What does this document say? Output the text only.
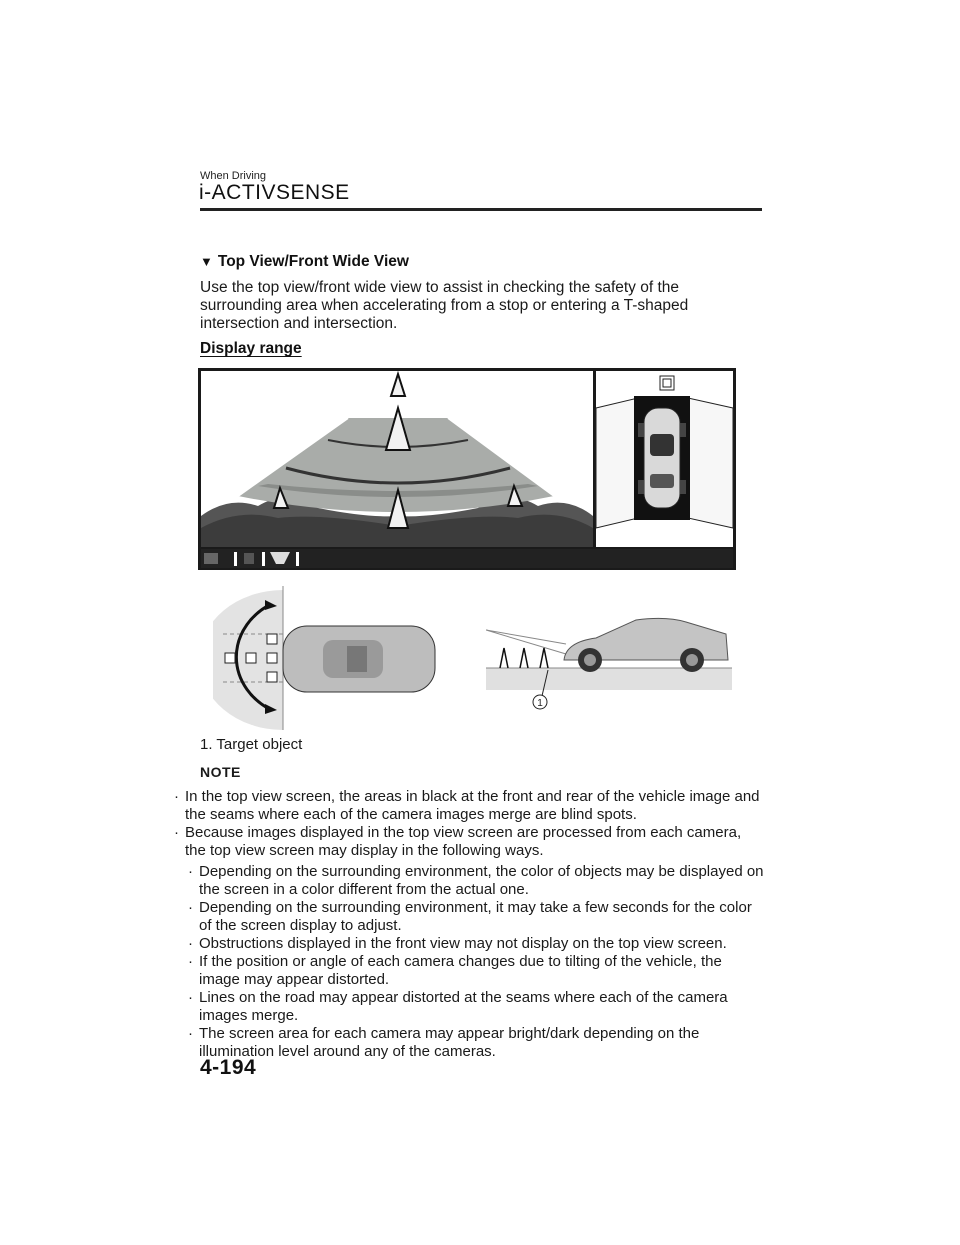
When Driving
i-ACTIVSENSE
▼ Top View/Front Wide View
Use the top view/front wide view to assist in checking the safety of the surrounding area when accelerating from a stop or entering a T-shaped intersection and intersection.
Display range
1
1. Target object
NOTE
· In the top view screen, the areas in black at the front and rear of the vehicle image and the seams where each of the camera images merge are blind spots.
· Because images displayed in the top view screen are processed from each camera, the top view screen may display in the following ways.
· Depending on the surrounding environment, the color of objects may be displayed on the screen in a color different from the actual one.
· Depending on the surrounding environment, it may take a few seconds for the color of the screen display to adjust.
· Obstructions displayed in the front view may not display on the top view screen.
· If the position or angle of each camera changes due to tilting of the vehicle, the image may appear distorted.
· Lines on the road may appear distorted at the seams where each of the camera images merge.
· The screen area for each camera may appear bright/dark depending on the illumination level around any of the cameras.
4-194
